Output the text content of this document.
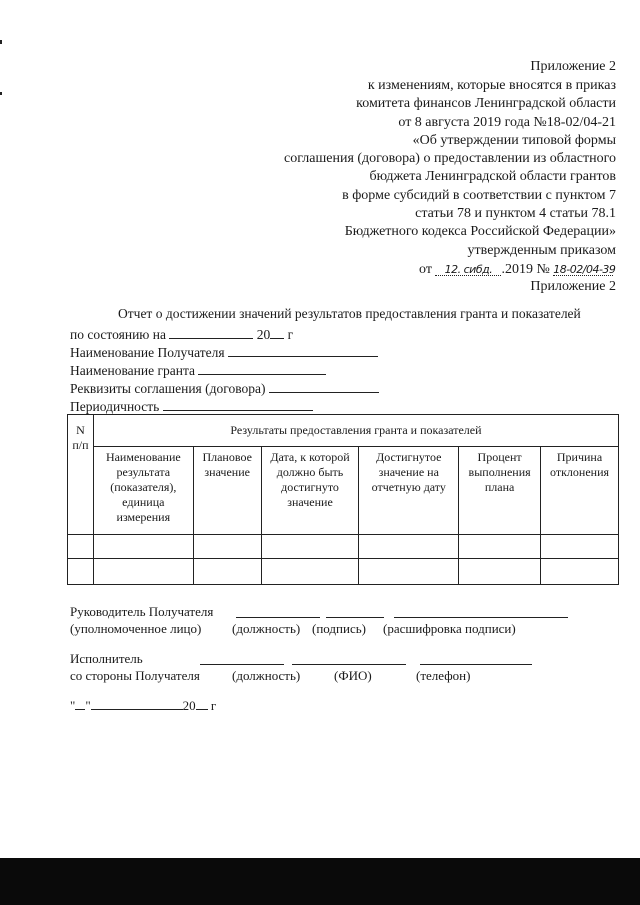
Приложение 2
к изменениям, которые вносятся в приказ
комитета финансов Ленинградской области
от 8 августа 2019 года №18-02/04-21
«Об утверждении типовой формы
соглашения (договора) о предоставлении из областного
бюджета Ленинградской области грантов
в форме субсидий в соответствии с пунктом 7
статьи 78 и пунктом 4 статьи 78.1
Бюджетного кодекса Российской Федерации»
утвержденным приказом
от 12. сибд. .2019 № 18-02/04-39
Приложение 2
Отчет о достижении значений результатов предоставления гранта и показателей
по состоянию на	20 г
Наименование Получателя
Наименование гранта
Реквизиты соглашения (договора)
Периодичность
N п/п	Результаты предоставления гранта и показателей					
	Наименование результата (показателя), единица измерения	Плановое значение	Дата, к которой должно быть достигнуто значение	Достигнутое значение на отчетную дату	Процент выполнения плана	Причина отклонения

Руководитель Получателя
(уполномоченное лицо) (должность) (подпись) (расшифровка подписи)
Исполнитель
со стороны Получателя (должность)	(ФИО)	(телефон)
" "	20 г
